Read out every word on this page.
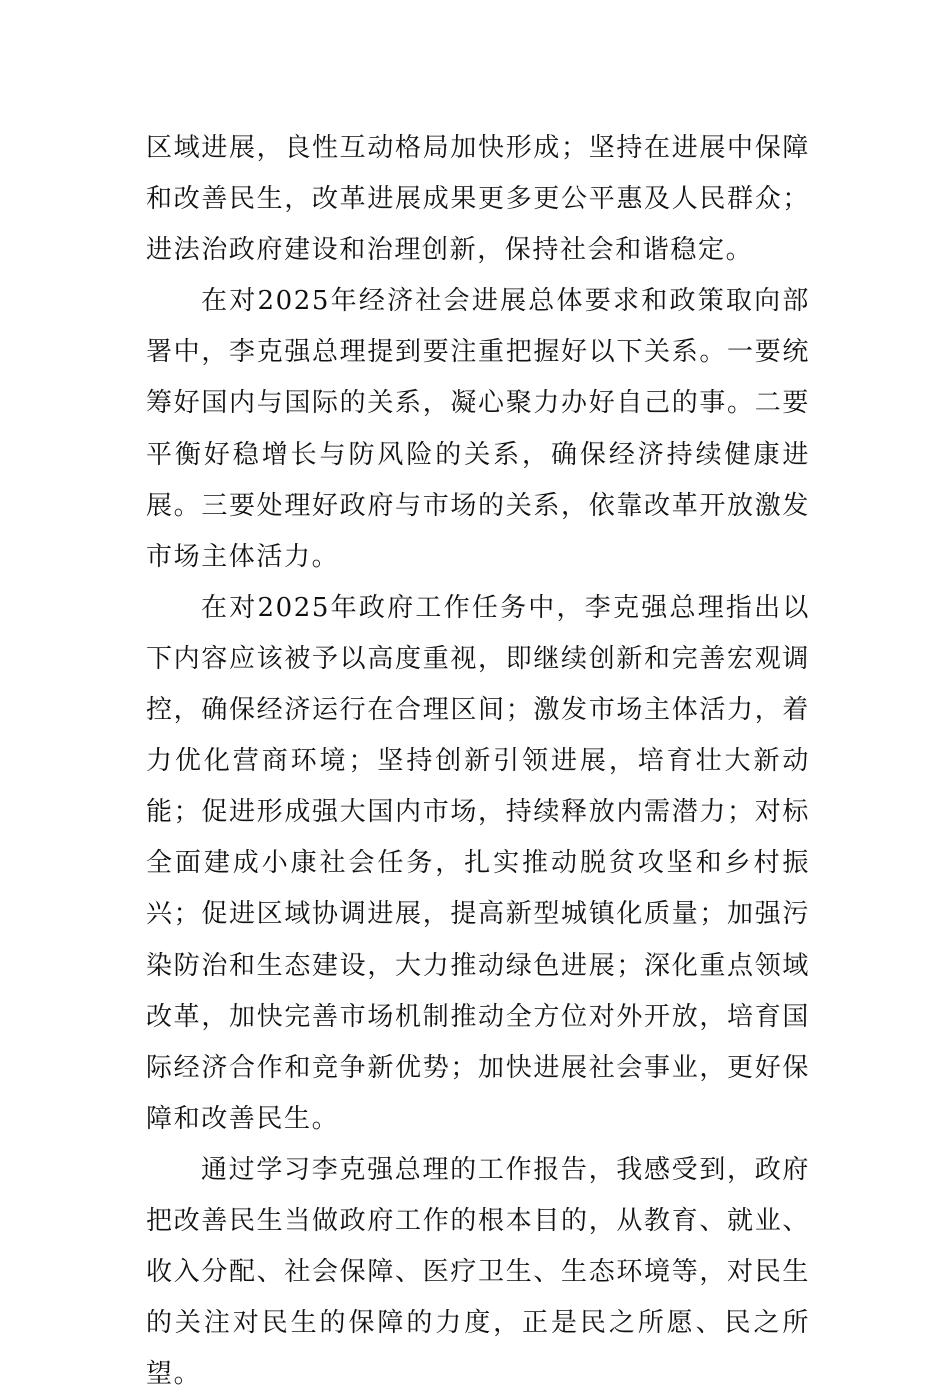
区域进展，良性互动格局加快形成；坚持在进展中保障和改善民生，改革进展成果更多更公平惠及人民群众；进法治政府建设和治理创新，保持社会和谐稳定。

在对2025年经济社会进展总体要求和政策取向部署中，李克强总理提到要注重把握好以下关系。一要统筹好国内与国际的关系，凝心聚力办好自己的事。二要平衡好稳增长与防风险的关系，确保经济持续健康进展。三要处理好政府与市场的关系，依靠改革开放激发市场主体活力。

在对2025年政府工作任务中，李克强总理指出以下内容应该被予以高度重视，即继续创新和完善宏观调控，确保经济运行在合理区间；激发市场主体活力，着力优化营商环境；坚持创新引领进展，培育壮大新动能；促进形成强大国内市场，持续释放内需潜力；对标全面建成小康社会任务，扎实推动脱贫攻坚和乡村振兴；促进区域协调进展，提高新型城镇化质量；加强污染防治和生态建设，大力推动绿色进展；深化重点领域改革，加快完善市场机制推动全方位对外开放，培育国际经济合作和竞争新优势；加快进展社会事业，更好保障和改善民生。

通过学习李克强总理的工作报告，我感受到，政府把改善民生当做政府工作的根本目的，从教育、就业、收入分配、社会保障、医疗卫生、生态环境等，对民生的关注对民生的保障的力度，正是民之所愿、民之所望。
